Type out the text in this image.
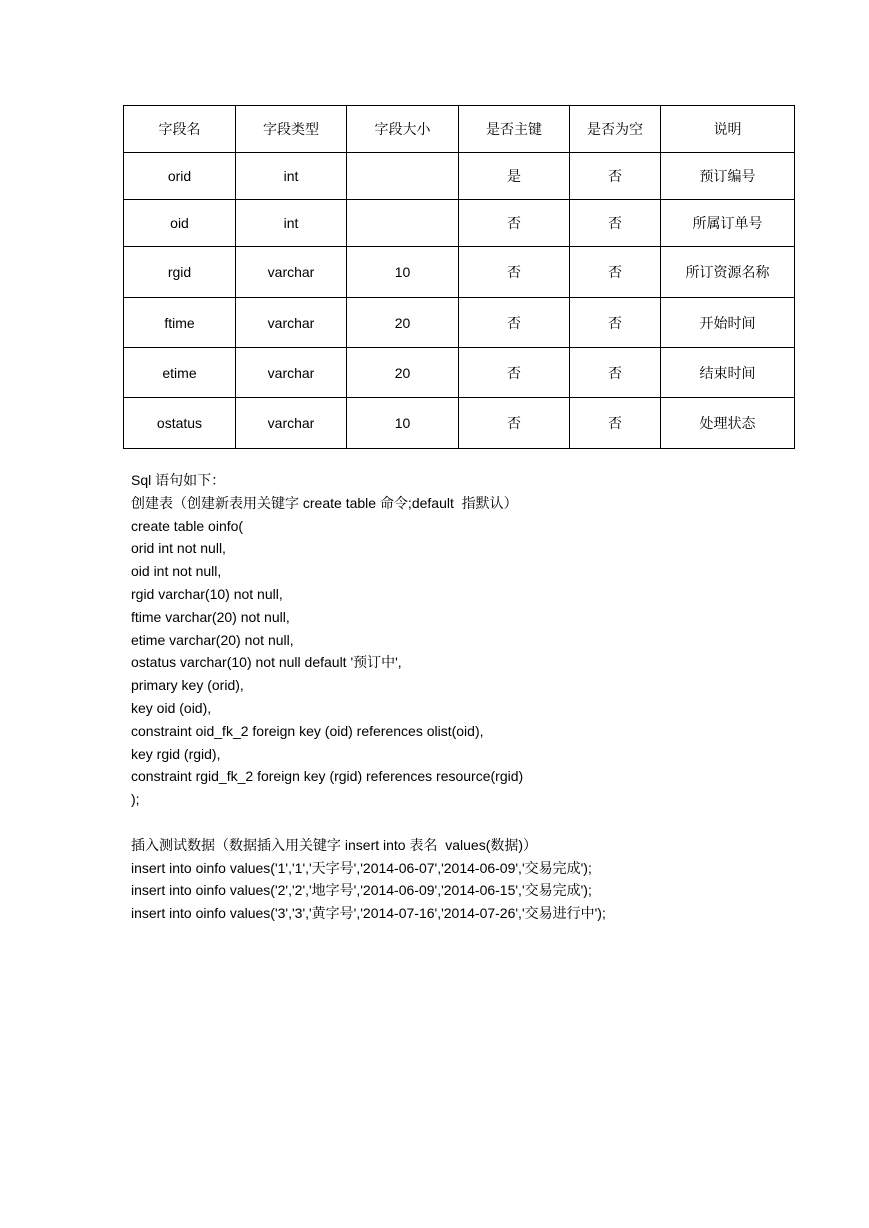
字段名	字段类型	字段大小	是否主键	是否为空	说明
orid	int		是	否	预订编号
oid	int		否	否	所属订单号
rgid	varchar	10	否	否	所订资源名称
ftime	varchar	20	否	否	开始时间
etime	varchar	20	否	否	结束时间
ostatus	varchar	10	否	否	处理状态
Sql 语句如下：
创建表（创建新表用关键字 create table 命令;default  指默认）
create table oinfo(
orid int not null,
oid int not null,
rgid varchar(10) not null,
ftime varchar(20) not null,
etime varchar(20) not null,
ostatus varchar(10) not null default '预订中',
primary key (orid),
key oid (oid),
constraint oid_fk_2 foreign key (oid) references olist(oid),
key rgid (rgid),
constraint rgid_fk_2 foreign key (rgid) references resource(rgid)
);
插入测试数据（数据插入用关键字 insert into 表名  values(数据)）
insert into oinfo values('1','1','天字号','2014-06-07','2014-06-09','交易完成');
insert into oinfo values('2','2','地字号','2014-06-09','2014-06-15','交易完成');
insert into oinfo values('3','3','黄字号','2014-07-16','2014-07-26','交易进行中');
